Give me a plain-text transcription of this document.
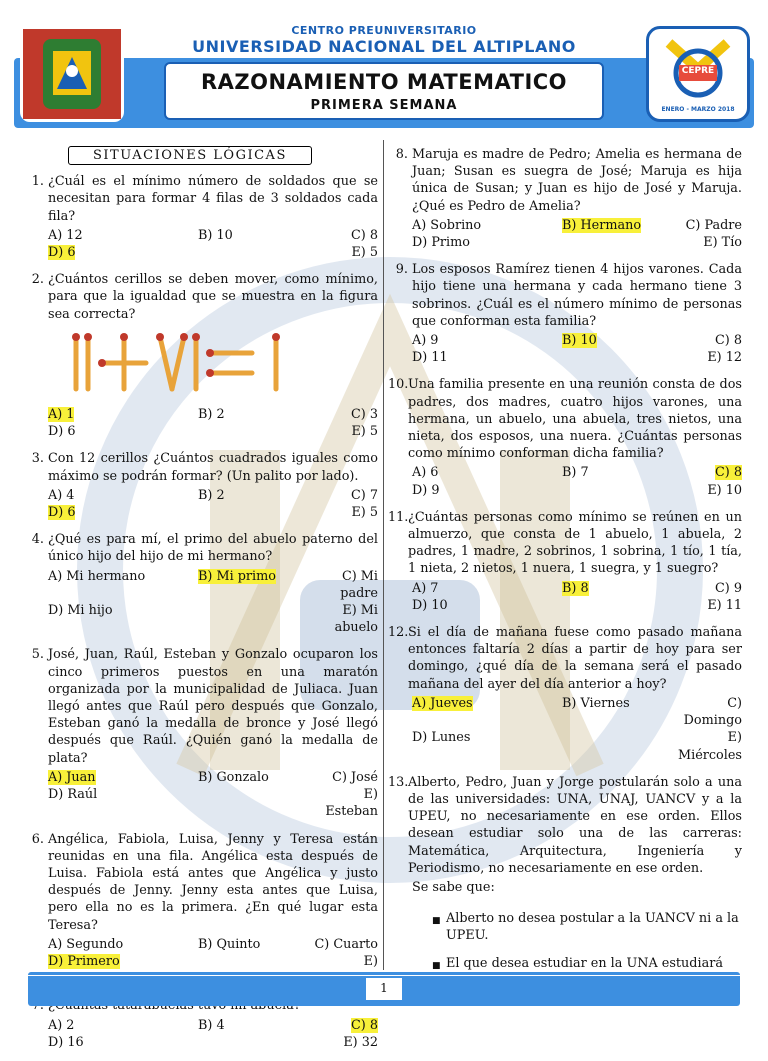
CENTRO PREUNIVERSITARIO
UNIVERSIDAD NACIONAL DEL ALTIPLANO
RAZONAMIENTO MATEMATICO
PRIMERA SEMANA
CEPRE
ENERO - MARZO 2018
SITUACIONES LÓGICAS
1. ¿Cuál es el mínimo número de soldados que se necesitan para formar 4 filas de 3 soldados cada fila?
A) 12	B) 10	C) 8
D) 6	E) 5
2. ¿Cuántos cerillos se deben mover, como mínimo, para que la igualdad que se muestra en la figura sea correcta?
A) 1	B) 2	C) 3
D) 6	E) 5
3. Con 12 cerillos ¿Cuántos cuadrados iguales como máximo se podrán formar? (Un palito por lado).
A) 4	B) 2	C) 7
D) 6	E) 5
4. ¿Qué es para mí, el primo del abuelo paterno del único hijo del hijo de mi hermano?
A) Mi hermano	B) Mi primo	C) Mi padre
D) Mi hijo	E) Mi abuelo
5. José, Juan, Raúl, Esteban y Gonzalo ocuparon los cinco primeros puestos en una maratón organizada por la municipalidad de Juliaca. Juan llegó antes que Raúl pero después que Gonzalo, Esteban ganó la medalla de bronce y José llegó después que Raúl. ¿Quién ganó la medalla de plata?
A) Juan	B) Gonzalo	C) José
D) Raúl	E) Esteban
6. Angélica, Fabiola, Luisa, Jenny y Teresa están reunidas en una fila. Angélica esta después de Luisa. Fabiola está antes que Angélica y justo después de Jenny. Jenny esta antes que Luisa, pero ella no es la primera. ¿En qué lugar esta Teresa?
A) Segundo	B) Quinto	C) Cuarto
D) Primero	E)
A) 2	B) 4	C) 8
D) 16	E) 32
8. Maruja es madre de Pedro; Amelia es hermana de Juan; Susan es suegra de José; Maruja es hija única de Susan; y Juan es hijo de José y Maruja. ¿Qué es Pedro de Amelia?
A) Sobrino	B) Hermano	C) Padre
D) Primo	E) Tío
9. Los esposos Ramírez tienen 4 hijos varones. Cada hijo tiene una hermana y cada hermano tiene 3 sobrinos. ¿Cuál es el número mínimo de personas que conforman esta familia?
A) 9	B) 10	C) 8
D) 11	E) 12
10. Una familia presente en una reunión consta de dos padres, dos madres, cuatro hijos varones, una hermana, un abuelo, una abuela, tres nietos, una nieta, dos esposos, una nuera. ¿Cuántas personas como mínimo conforman dicha familia?
A) 6	B) 7	C) 8
D) 9	E) 10
11. ¿Cuántas personas como mínimo se reúnen en un almuerzo, que consta de 1 abuelo, 1 abuela, 2 padres, 1 madre, 2 sobrinos, 1 sobrina, 1 tío, 1 tía, 1 nieta, 2 nietos, 1 nuera, 1 suegra, y 1 suegro?
A) 7	B) 8	C) 9
D) 10	E) 11
12. Si el día de mañana fuese como pasado mañana entonces faltaría 2 días a partir de hoy para ser domingo, ¿qué día de la semana será el pasado mañana del ayer del día anterior a hoy?
A) Jueves	B) Viernes	C) Domingo
D) Lunes	E) Miércoles
13. Alberto, Pedro, Juan y Jorge postularán solo a una de las universidades: UNA, UNAJ, UANCV y a la UPEU, no necesariamente en ese orden. Ellos desean estudiar solo una de las carreras: Matemática, Arquitectura, Ingeniería y Periodismo, no necesariamente en ese orden.
Se sabe que:
■ Alberto no desea postular a la UANCV ni a la UPEU.
■ El que desea estudiar en la UNA estudiará
1
